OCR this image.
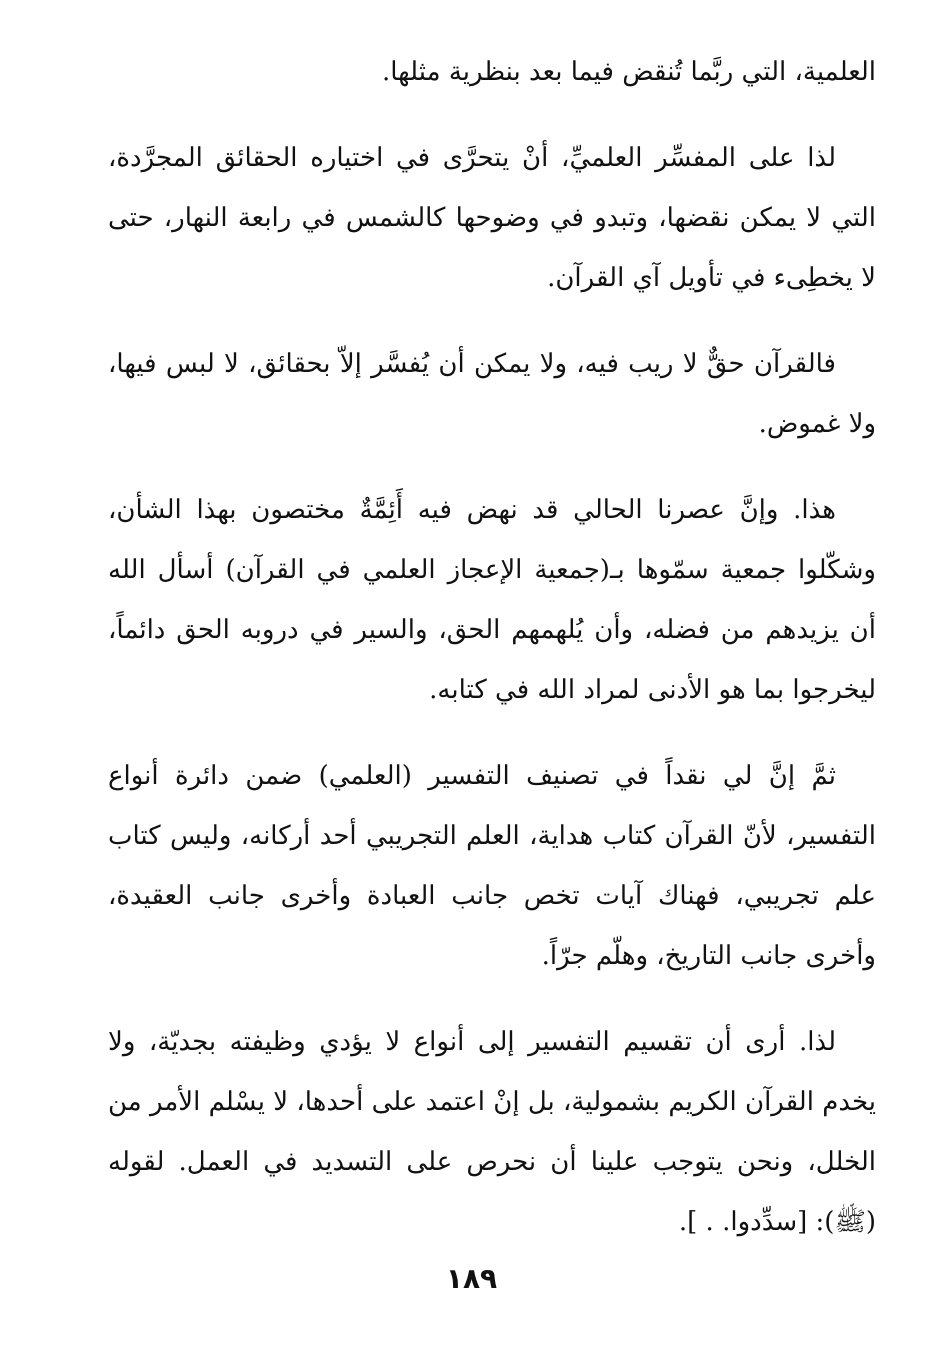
العلمية، التي ربَّما تُنقض فيما بعد بنظرية مثلها.

لذا على المفسِّر العلميِّ، أنْ يتحرَّى في اختياره الحقائق المجرَّدة، التي لا يمكن نقضها، وتبدو في وضوحها كالشمس في رابعة النهار، حتى لا يخطِىء في تأويل آي القرآن.

فالقرآن حقٌّ لا ريب فيه، ولا يمكن أن يُفسَّر إلاّ بحقائق، لا لبس فيها، ولا غموض.

هذا. وإنَّ عصرنا الحالي قد نهض فيه أَئِمَّةٌ مختصون بهذا الشأن، وشكّلوا جمعية سمّوها بـ(جمعية الإعجاز العلمي في القرآن) أسأل الله أن يزيدهم من فضله، وأن يُلهمهم الحق، والسير في دروبه الحق دائماً، ليخرجوا بما هو الأدنى لمراد الله في كتابه.

ثمَّ إنَّ لي نقداً في تصنيف التفسير (العلمي) ضمن دائرة أنواع التفسير، لأنّ القرآن كتاب هداية، العلم التجريبي أحد أركانه، وليس كتاب علم تجريبي، فهناك آيات تخص جانب العبادة وأخرى جانب العقيدة، وأخرى جانب التاريخ، وهلّم جرّاً.

لذا. أرى أن تقسيم التفسير إلى أنواع لا يؤدي وظيفته بجديّة، ولا يخدم القرآن الكريم بشمولية، بل إنْ اعتمد على أحدها، لا يسْلم الأمر من الخلل، ونحن يتوجب علينا أن نحرص على التسديد في العمل. لقوله (ﷺ): [سدِّدوا. . ].

١٨٩
